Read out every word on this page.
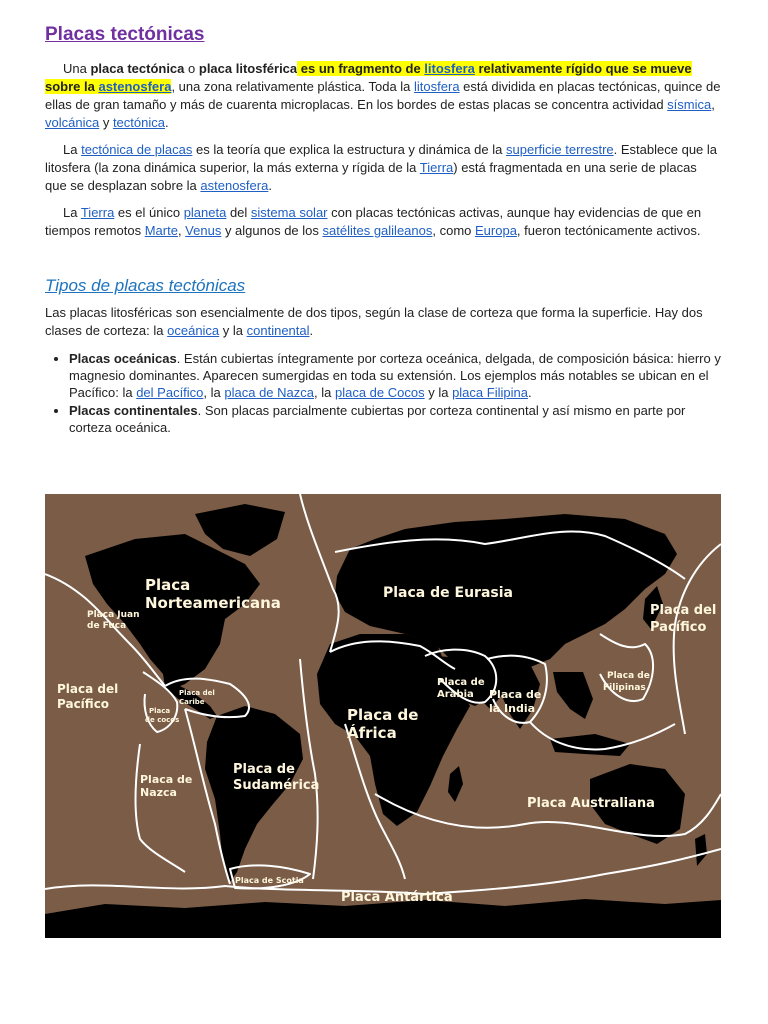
Placas tectónicas

Una placa tectónica o placa litosférica es un fragmento de litosfera relativamente rígido que se mueve sobre la astenosfera, una zona relativamente plástica. Toda la litosfera está dividida en placas tectónicas, quince de ellas de gran tamaño y más de cuarenta microplacas. En los bordes de estas placas se concentra actividad sísmica, volcánica y tectónica.

La tectónica de placas es la teoría que explica la estructura y dinámica de la superficie terrestre. Establece que la litosfera (la zona dinámica superior, la más externa y rígida de la Tierra) está fragmentada en una serie de placas que se desplazan sobre la astenosfera.

La Tierra es el único planeta del sistema solar con placas tectónicas activas, aunque hay evidencias de que en tiempos remotos Marte, Venus y algunos de los satélites galileanos, como Europa, fueron tectónicamente activos.

Tipos de placas tectónicas

Las placas litosféricas son esencialmente de dos tipos, según la clase de corteza que forma la superficie. Hay dos clases de corteza: la oceánica y la continental.

• Placas oceánicas. Están cubiertas íntegramente por corteza oceánica, delgada, de composición básica: hierro y magnesio dominantes. Aparecen sumergidas en toda su extensión. Los ejemplos más notables se ubican en el Pacífico: la del Pacífico, la placa de Nazca, la placa de Cocos y la placa Filipina.
• Placas continentales. Son placas parcialmente cubiertas por corteza continental y así mismo en parte por corteza oceánica.
Placa
Norteamericana
Placa Juan
de Fuca
Placa de Eurasia
Placa del
Pacífico
Placa del
Pacífico
Placa del
Caribe
Placa
de cocos
Placa de
Arabia Placa de
la India
Placa de
Filipinas
Placa de
África
Placa de
Nazca
Placa de
Sudamérica
Placa Australiana
Placa de Scotia
Placa Antártica
